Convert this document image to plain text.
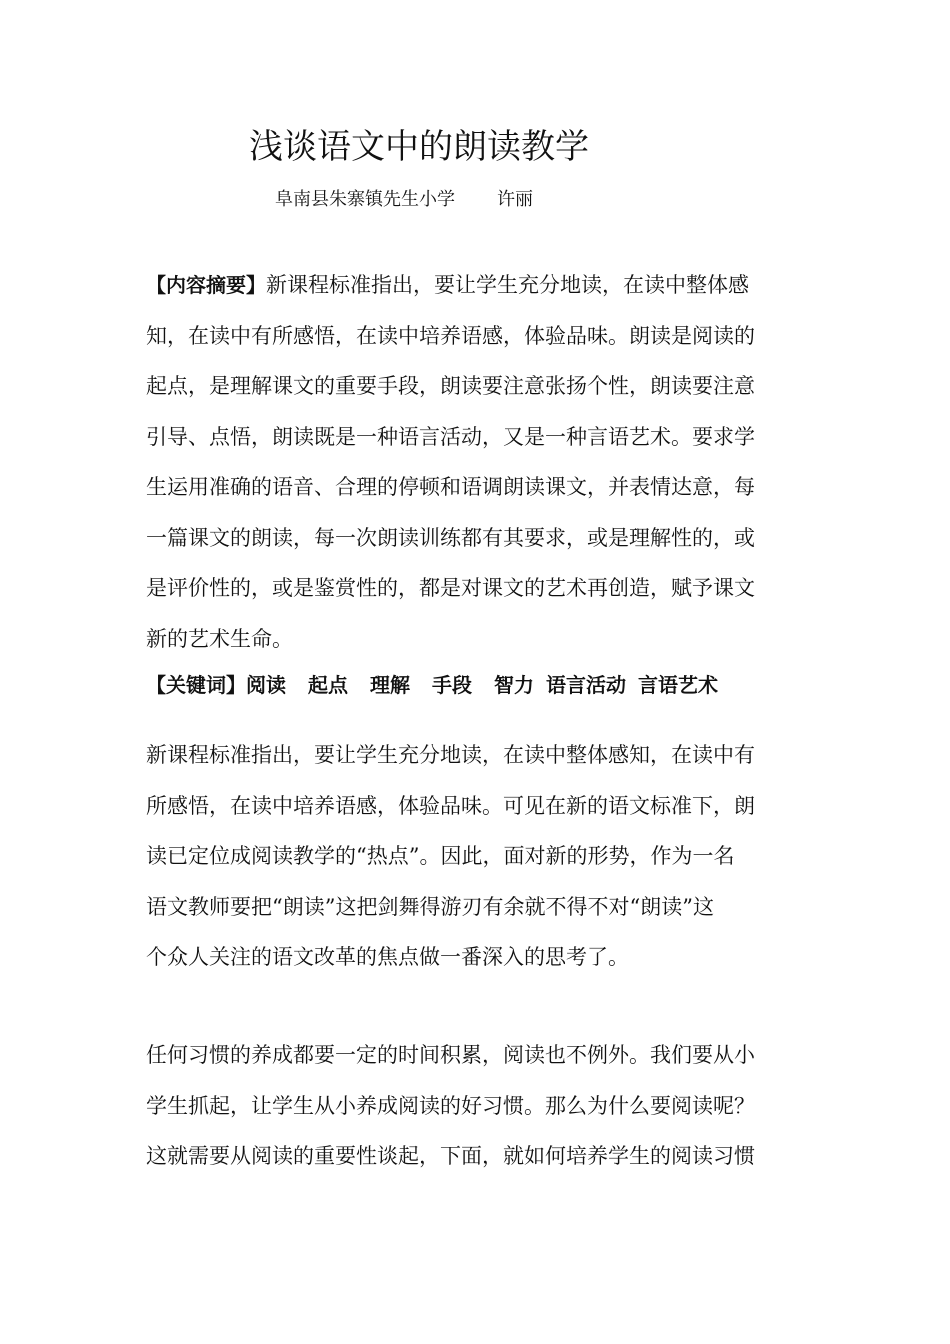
浅谈语文中的朗读教学
阜南县朱寨镇先生小学 许丽
【内容摘要】新课程标准指出，要让学生充分地读，在读中整体感
知，在读中有所感悟，在读中培养语感，体验品味。朗读是阅读的
起点，是理解课文的重要手段，朗读要注意张扬个性，朗读要注意
引导、点悟，朗读既是一种语言活动，又是一种言语艺术。要求学
生运用准确的语音、合理的停顿和语调朗读课文，并表情达意，每
一篇课文的朗读，每一次朗读训练都有其要求，或是理解性的，或
是评价性的，或是鉴赏性的，都是对课文的艺术再创造，赋予课文
新的艺术生命。
【关键词】阅读 起点 理解 手段 智力 语言活动 言语艺术
新课程标准指出，要让学生充分地读，在读中整体感知，在读中有
所感悟，在读中培养语感，体验品味。可见在新的语文标准下，朗
读已定位成阅读教学的“热点”。因此，面对新的形势，作为一名
语文教师要把“朗读”这把剑舞得游刃有余就不得不对“朗读”这
个众人关注的语文改革的焦点做一番深入的思考了。
任何习惯的养成都要一定的时间积累，阅读也不例外。我们要从小
学生抓起，让学生从小养成阅读的好习惯。那么为什么要阅读呢？
这就需要从阅读的重要性谈起，下面，就如何培养学生的阅读习惯
